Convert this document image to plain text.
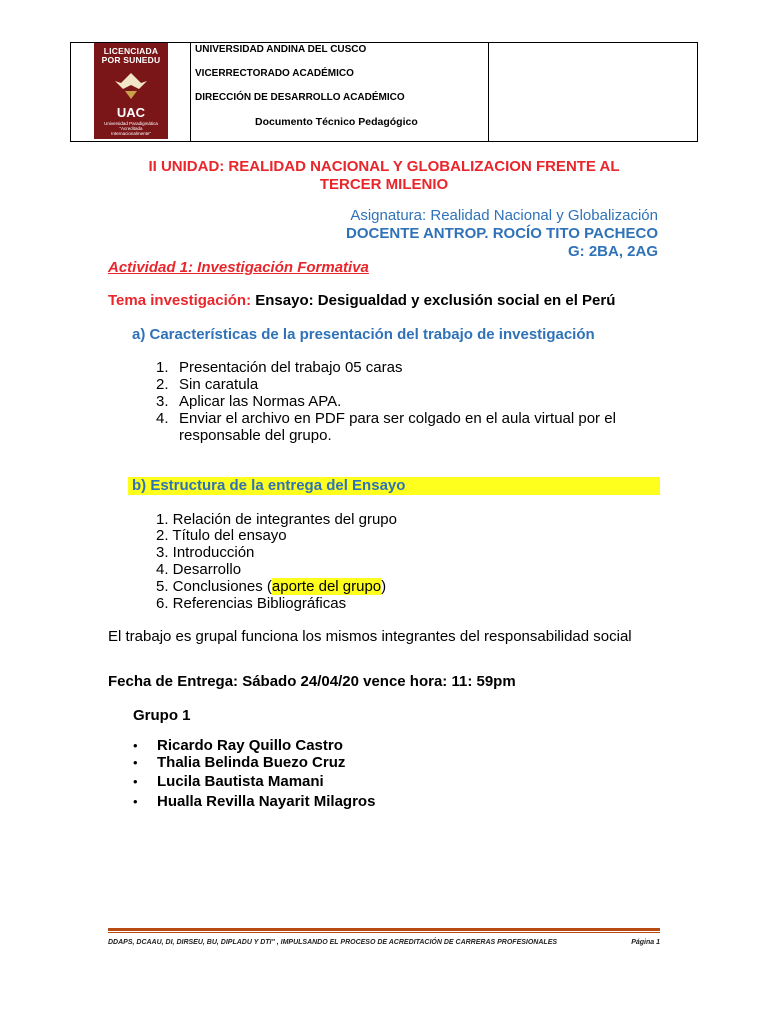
LICENCIADA
POR SUNEDU
UAC
Universidad Paradigmática
"Acreditada
Internacionalmente"
UNIVERSIDAD ANDINA DEL CUSCO
VICERRECTORADO ACADÉMICO
DIRECCIÓN DE DESARROLLO ACADÉMICO
Documento Técnico Pedagógico
II UNIDAD: REALIDAD NACIONAL Y GLOBALIZACION FRENTE AL
TERCER MILENIO
Asignatura: Realidad Nacional y Globalización
DOCENTE ANTROP. ROCÍO TITO PACHECO
G: 2BA, 2AG
Actividad 1: Investigación Formativa
Tema investigación: Ensayo: Desigualdad y exclusión social en el Perú
a) Características de la presentación del trabajo de investigación
1. Presentación del trabajo 05 caras
2. Sin caratula
3. Aplicar las Normas APA.
4. Enviar el archivo en PDF para ser colgado en el aula virtual por el
responsable del grupo.
b) Estructura de la entrega del Ensayo
1. Relación de integrantes del grupo
2. Título del ensayo
3. Introducción
4. Desarrollo
5. Conclusiones (aporte del grupo)
6. Referencias Bibliográficas
El trabajo es grupal funciona los mismos integrantes del responsabilidad social
Fecha de Entrega: Sábado 24/04/20 vence hora: 11: 59pm
Grupo 1
• Ricardo Ray Quillo Castro
• Thalia Belinda Buezo Cruz
• Lucila Bautista Mamani
• Hualla Revilla Nayarit Milagros
DDAPS, DCAAU, DI, DIRSEU, BU, DIPLADU Y DTI" , IMPULSANDO EL PROCESO DE ACREDITACIÓN DE CARRERAS PROFESIONALES	Página 1
